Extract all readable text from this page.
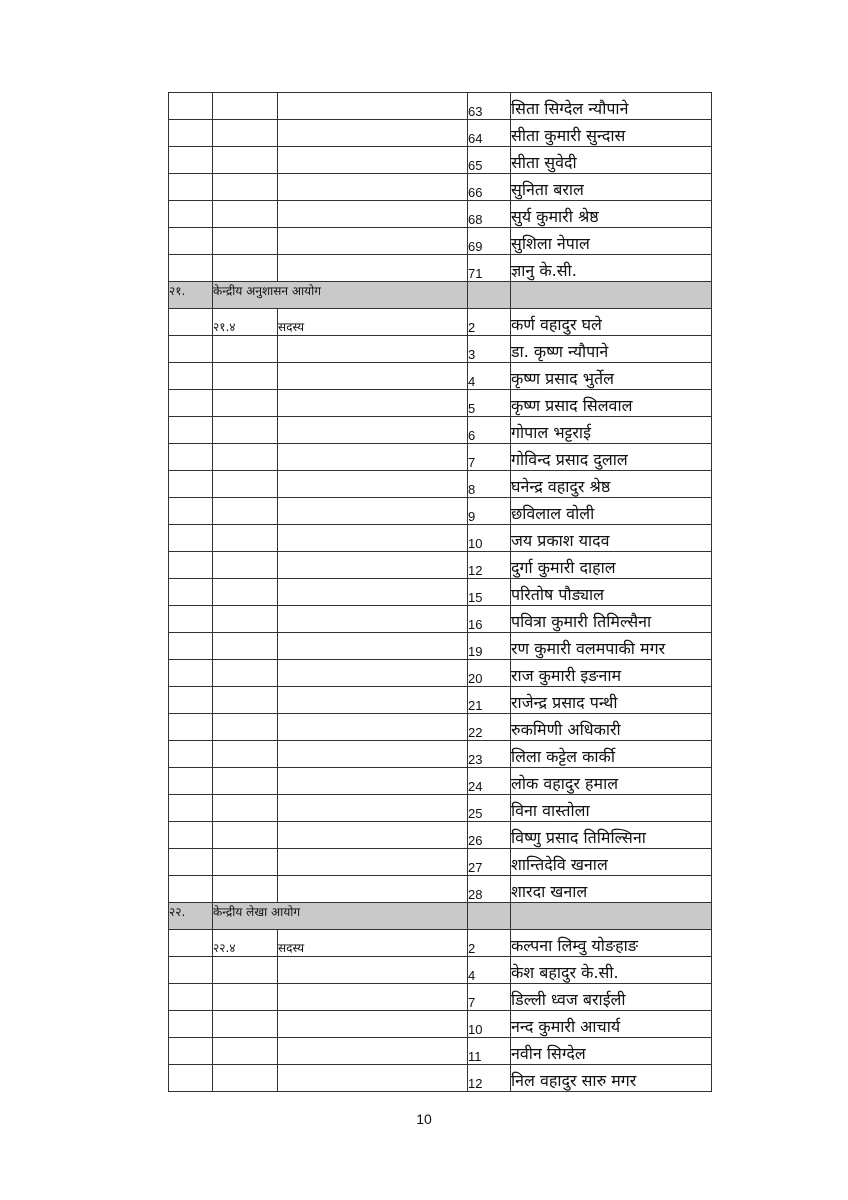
			63	सिता सिग्देल न्यौपाने
			64	सीता कुमारी सुन्दास
			65	सीता सुवेदी
			66	सुनिता बराल
			68	सुर्य कुमारी श्रेष्ठ
			69	सुशिला नेपाल
			71	ज्ञानु के.सी.
२१.	केन्द्रीय अनुशासन आयोग			
	२१.४	सदस्य	2	कर्ण वहादुर घले
			3	डा. कृष्ण न्यौपाने
			4	कृष्ण प्रसाद भुर्तेल
			5	कृष्ण प्रसाद सिलवाल
			6	गोपाल भट्टराई
			7	गोविन्द प्रसाद दुलाल
			8	घनेन्द्र वहादुर श्रेष्ठ
			9	छविलाल वोली
			10	जय प्रकाश यादव
			12	दुर्गा कुमारी दाहाल
			15	परितोष पौड्याल
			16	पवित्रा कुमारी तिमिल्सैना
			19	रण कुमारी वलमपाकी मगर
			20	राज कुमारी इङनाम
			21	राजेन्द्र प्रसाद पन्थी
			22	रुकमिणी अधिकारी
			23	लिला कट्टेल कार्की
			24	लोक वहादुर हमाल
			25	विना वास्तोला
			26	विष्णु प्रसाद तिमिल्सिना
			27	शान्तिदेवि खनाल
			28	शारदा खनाल
२२.	केन्द्रीय लेखा आयोग			
	२२.४	सदस्य	2	कल्पना लिम्वु योङहाङ
			4	केश बहादुर के.सी.
			7	डिल्ली ध्वज बराईली
			10	नन्द कुमारी आचार्य
			11	नवीन सिग्देल
			12	निल वहादुर सारु मगर
10
